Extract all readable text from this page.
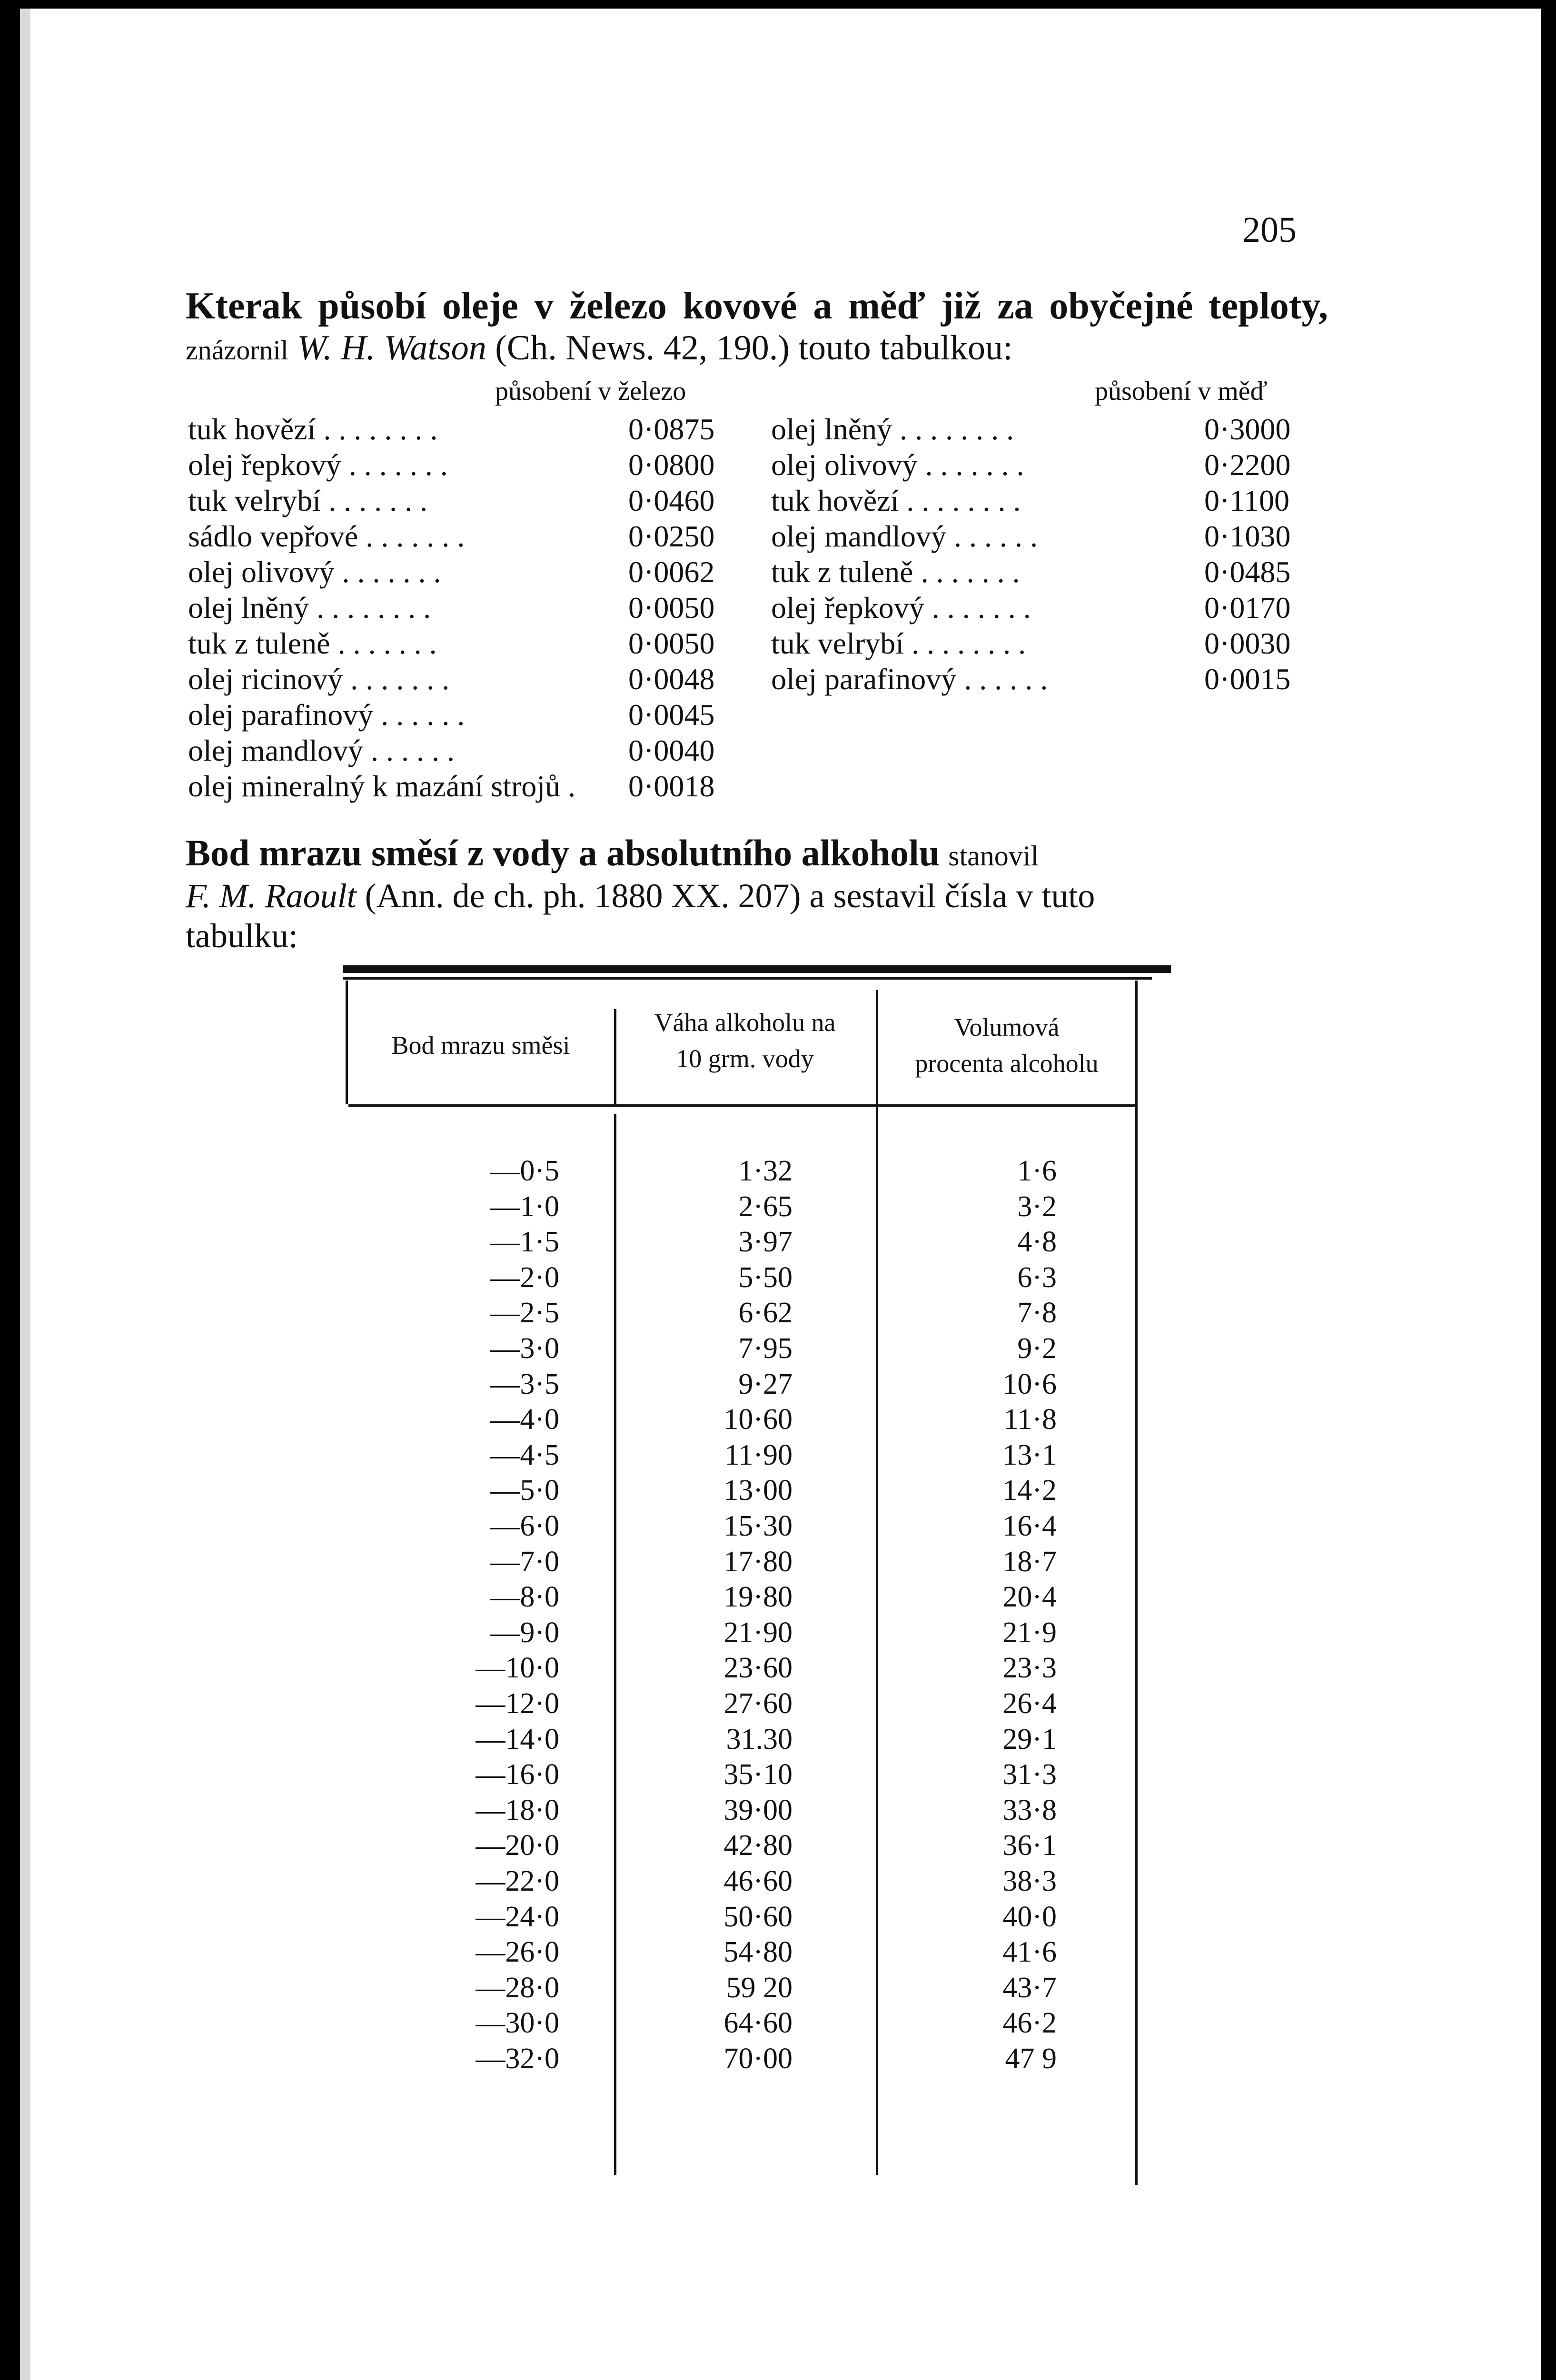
205
Kterak působí oleje v železo kovové a měď již za obyčejné teploty, znázornil W. H. Watson (Ch. News. 42, 190.) touto tabulkou:
působení v železo	působení v měď
tuk hovězí . . . . . . . .	0·0875
olej řepkový . . . . . . .	0·0800
tuk velrybí . . . . . . .	0·0460
sádlo vepřové . . . . . . .	0·0250
olej olivový . . . . . . .	0·0062
olej lněný . . . . . . . .	0·0050
tuk z tuleně . . . . . . .	0·0050
olej ricinový . . . . . . .	0·0048
olej parafinový . . . . . .	0·0045
olej mandlový . . . . . .	0·0040
olej mineralný k mazání strojů . 0·0018
olej lněný . . . . . . . .	0·3000
olej olivový . . . . . . .	0·2200
tuk hovězí . . . . . . . .	0·1100
olej mandlový . . . . . .	0·1030
tuk z tuleně . . . . . . .	0·0485
olej řepkový . . . . . . .	0·0170
tuk velrybí . . . . . . . .	0·0030
olej parafinový . . . . . .	0·0015
Bod mrazu směsí z vody a absolutního alkoholu stanovil
F. M. Raoult (Ann. de ch. ph. 1880 XX. 207) a sestavil čísla v tuto
tabulku:
Bod mrazu směsi
Váha alkoholu na
10 grm. vody
Volumová
procenta alcoholu
—0·5	1·32	1·6
—1·0	2·65	3·2
—1·5	3·97	4·8
—2·0	5·50	6·3
—2·5	6·62	7·8
—3·0	7·95	9·2
—3·5	9·27	10·6
—4·0	10·60	11·8
—4·5	11·90	13·1
—5·0	13·00	14·2
—6·0	15·30	16·4
—7·0	17·80	18·7
—8·0	19·80	20·4
—9·0	21·90	21·9
—10·0	23·60	23·3
—12·0	27·60	26·4
—14·0	31.30	29·1
—16·0	35·10	31·3
—18·0	39·00	33·8
—20·0	42·80	36·1
—22·0	46·60	38·3
—24·0	50·60	40·0
—26·0	54·80	41·6
—28·0	59 20	43·7
—30·0	64·60	46·2
—32·0	70·00	47 9
